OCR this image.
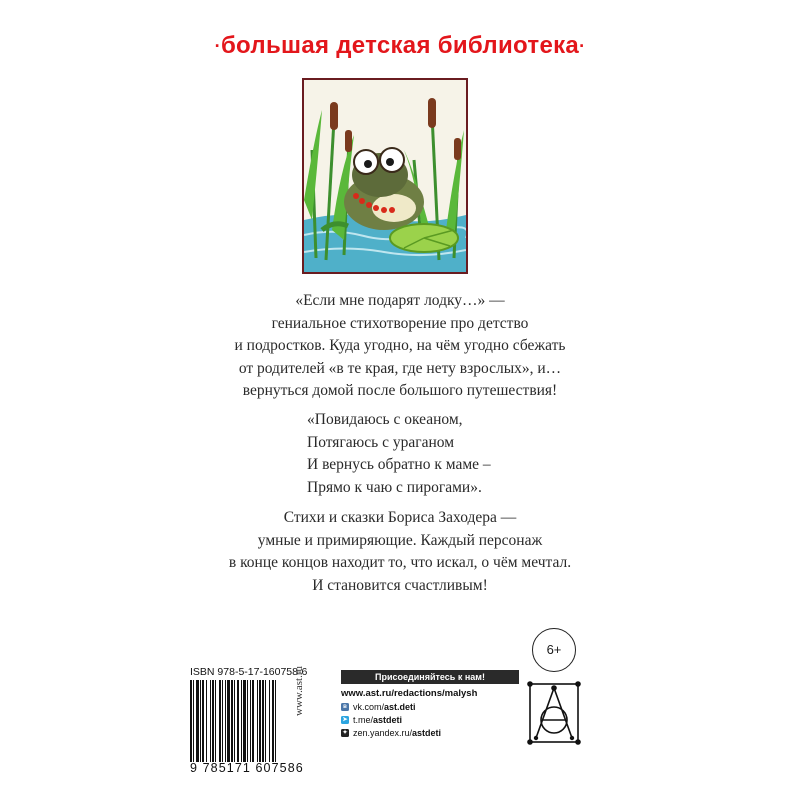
·большая детская библиотека·
«Если мне подарят лодку…» —
гениальное стихотворение про детство
и подростков. Куда угодно, на чём угодно сбежать
от родителей «в те края, где нету взрослых», и…
вернуться домой после большого путешествия!
«Повидаюсь с океаном,
Потягаюсь с ураганом
И вернусь обратно к маме –
Прямо к чаю с пирогами».
Стихи и сказки Бориса Заходера —
умные и примиряющие. Каждый персонаж
в конце концов находит то, что искал, о чём мечтал.
И становится счастливым!
6+
ISBN 978-5-17-160758-6
9 785171 607586
www.ast.ru	Присоединяйтесь к нам!
www.ast.ru/redactions/malysh
в vk.com/ ast.deti
➤ t.me/ astdeti
✦ zen.yandex.ru/ astdeti
